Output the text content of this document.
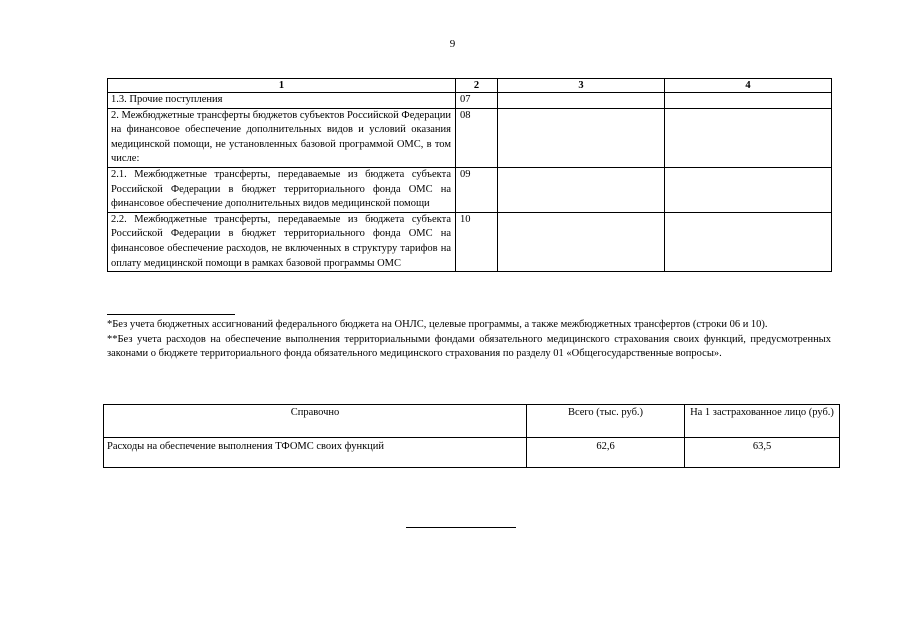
9
1	2	3	4
1.3. Прочие поступления	07		
2. Межбюджетные трансферты бюджетов субъектов Российской Федерации на финансовое обеспечение дополнительных видов и условий оказания медицинской помощи, не установленных базовой программой ОМС, в том числе:	08		
2.1. Межбюджетные трансферты, передаваемые из бюджета субъекта Российской Федерации в бюджет территориального фонда ОМС на финансовое обеспечение дополнительных видов медицинской помощи	09		
2.2. Межбюджетные трансферты, передаваемые из бюджета субъекта Российской Федерации в бюджет территориального фонда ОМС на финансовое обеспечение расходов, не включенных в структуру тарифов на оплату медицинской помощи в рамках базовой программы ОМС	10		

*Без учета бюджетных ассигнований федерального бюджета на ОНЛС, целевые программы, а также межбюджетных трансфертов (строки 06 и 10).

**Без учета расходов на обеспечение выполнения территориальными фондами обязательного медицинского страхования своих функций, предусмотренных законами о бюджете территориального фонда обязательного медицинского страхования по разделу 01 «Общегосударственные вопросы».

Справочно	Всего (тыс. руб.)	На 1 застрахованное лицо (руб.)
Расходы на обеспечение выполнения ТФОМС своих функций	62,6	63,5
